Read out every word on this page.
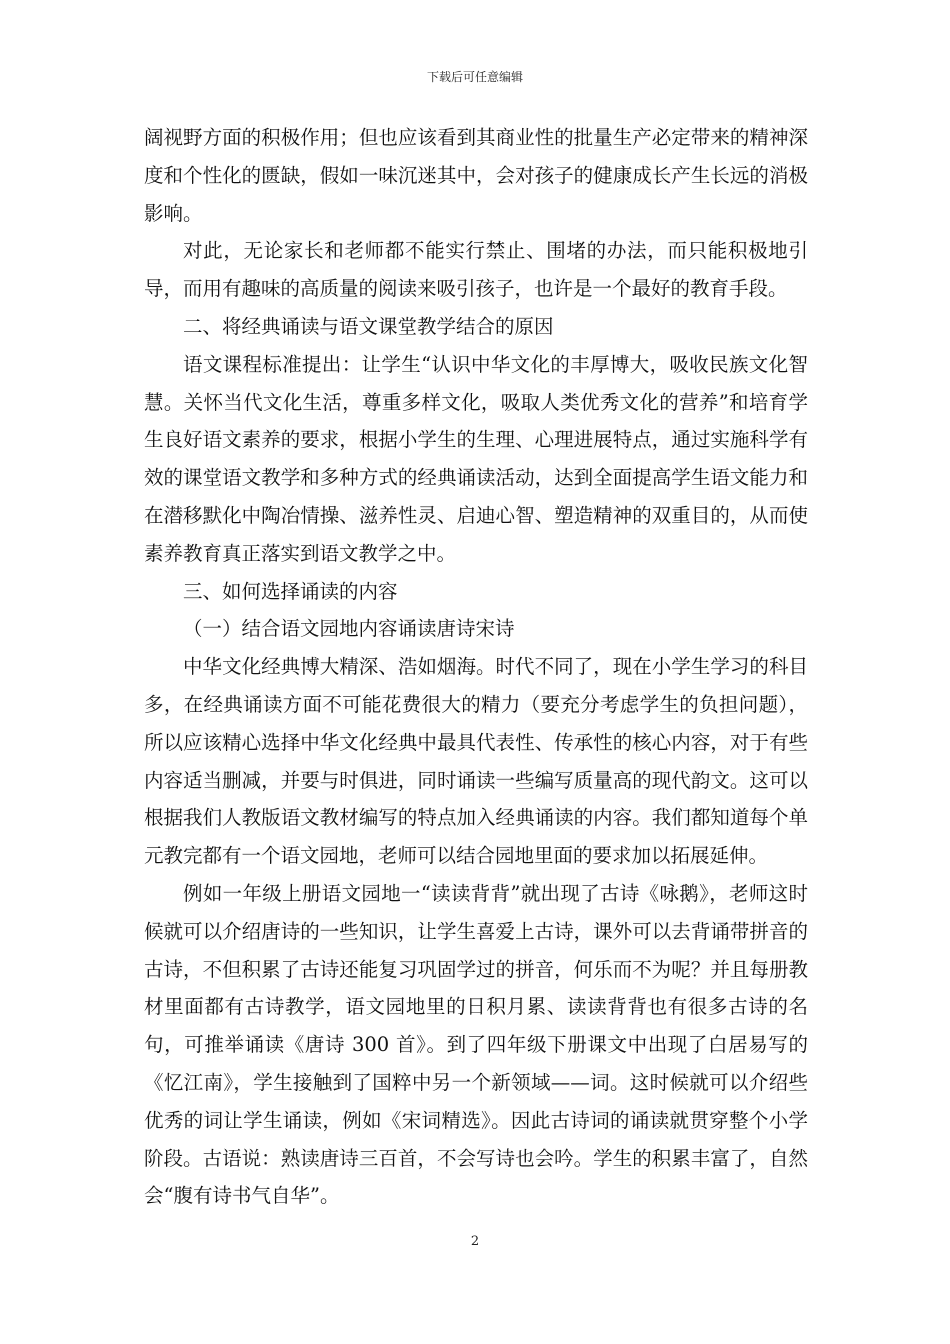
下载后可任意编辑

阔视野方面的积极作用；但也应该看到其商业性的批量生产必定带来的精神深度和个性化的匮缺，假如一味沉迷其中，会对孩子的健康成长产生长远的消极影响。

对此，无论家长和老师都不能实行禁止、围堵的办法，而只能积极地引导，而用有趣味的高质量的阅读来吸引孩子，也许是一个最好的教育手段。

二、将经典诵读与语文课堂教学结合的原因

语文课程标准提出：让学生“认识中华文化的丰厚博大，吸收民族文化智慧。关怀当代文化生活，尊重多样文化，吸取人类优秀文化的营养”和培育学生良好语文素养的要求，根据小学生的生理、心理进展特点，通过实施科学有效的课堂语文教学和多种方式的经典诵读活动，达到全面提高学生语文能力和在潜移默化中陶冶情操、滋养性灵、启迪心智、塑造精神的双重目的，从而使素养教育真正落实到语文教学之中。

三、如何选择诵读的内容

（一）结合语文园地内容诵读唐诗宋诗

中华文化经典博大精深、浩如烟海。时代不同了，现在小学生学习的科目多，在经典诵读方面不可能花费很大的精力（要充分考虑学生的负担问题），所以应该精心选择中华文化经典中最具代表性、传承性的核心内容，对于有些内容适当删减，并要与时俱进，同时诵读一些编写质量高的现代韵文。这可以根据我们人教版语文教材编写的特点加入经典诵读的内容。我们都知道每个单元教完都有一个语文园地，老师可以结合园地里面的要求加以拓展延伸。

例如一年级上册语文园地一“读读背背”就出现了古诗《咏鹅》，老师这时候就可以介绍唐诗的一些知识，让学生喜爱上古诗，课外可以去背诵带拼音的古诗，不但积累了古诗还能复习巩固学过的拼音，何乐而不为呢？并且每册教材里面都有古诗教学，语文园地里的日积月累、读读背背也有很多古诗的名句，可推举诵读《唐诗 300 首》。到了四年级下册课文中出现了白居易写的《忆江南》，学生接触到了国粹中另一个新领域——词。这时候就可以介绍些优秀的词让学生诵读，例如《宋词精选》。因此古诗词的诵读就贯穿整个小学阶段。古语说：熟读唐诗三百首，不会写诗也会吟。学生的积累丰富了，自然会“腹有诗书气自华”。

2
